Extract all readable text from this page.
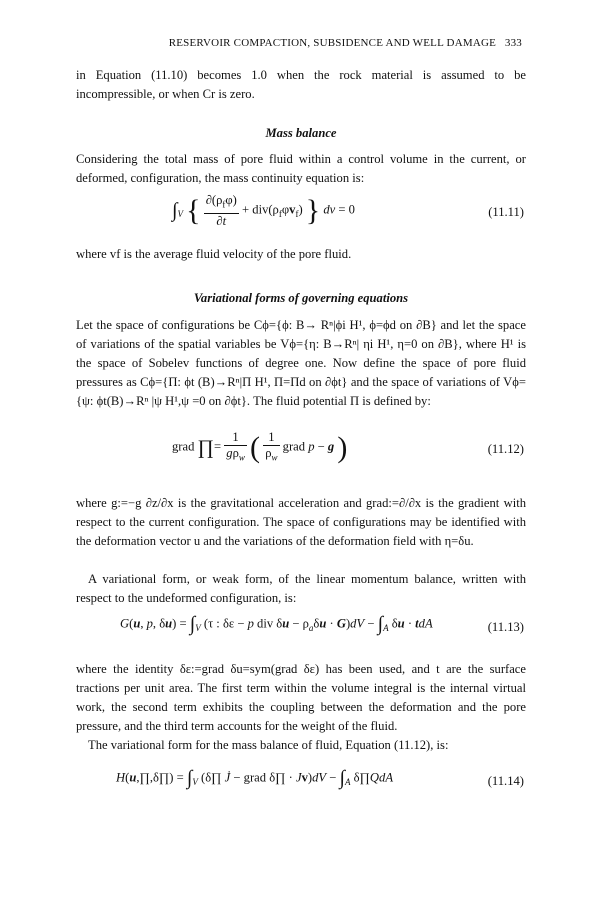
RESERVOIR COMPACTION, SUBSIDENCE AND WELL DAMAGE 333

in Equation (11.10) becomes 1.0 when the rock material is assumed to be incompressible, or when Cr is zero.

Mass balance

Considering the total mass of pore fluid within a control volume in the current, or deformed, configuration, the mass continuity equation is:

$\int_V$ { $\frac{\partial(\rho_f\varphi)}{\partial t} + div(\rho_f\varphi v_f)$ } dv = 0	(11.11)

where vf is the average fluid velocity of the pore fluid.

Variational forms of governing equations

Let the space of configurations be Cϕ={ϕ: B→ Rⁿ|ϕi H¹, ϕ=ϕd on ∂B} and let the space of variations of the spatial variables be Vϕ={η: B→Rⁿ| ηi H¹, η=0 on ∂B}, where H¹ is the space of Sobelev functions of degree one. Now define the space of pore fluid pressures as Cϕ={Π: ϕt (B)→Rⁿ|Π H¹, Π=Πd on ∂ϕt} and the space of variations of Vϕ={ψ: ϕt(B)→Rⁿ |ψ H¹,ψ =0 on ∂ϕt}. The fluid potential Π is defined by:

grad ∏= $\frac{1}{g\rho_w}$ ( $\frac{1}{\rho_w}$ grad p − g )	(11.12)

where g:=−g ∂z/∂x is the gravitational acceleration and grad:=∂/∂x is the gradient with respect to the current configuration. The space of configurations may be identified with the deformation vector u and the variations of the deformation field with η=δu.

A variational form, or weak form, of the linear momentum balance, written with respect to the undeformed configuration, is:

G(u, p, $\delta u) = \int_V$ (τ : δε − p div $\delta u - \rho_a\delta u \cdot G)dV - \int_A$ δu · tdA	(11.13)

where the identity δε:=grad δu=sym(grad δε) has been used, and t are the surface tractions per unit area. The first term within the volume integral is the internal virtual work, the second term exhibits the coupling between the deformation and the pore pressure, and the third term accounts for the weight of the fluid.

The variational form for the mass balance of fluid, Equation (11.12), is:

H(u,∏,δ∏) = $\int_V$ (δ∏ J̇ − grad δ∏ · $Jv)dV - \int_A$ δ∏QdA	(11.14)
